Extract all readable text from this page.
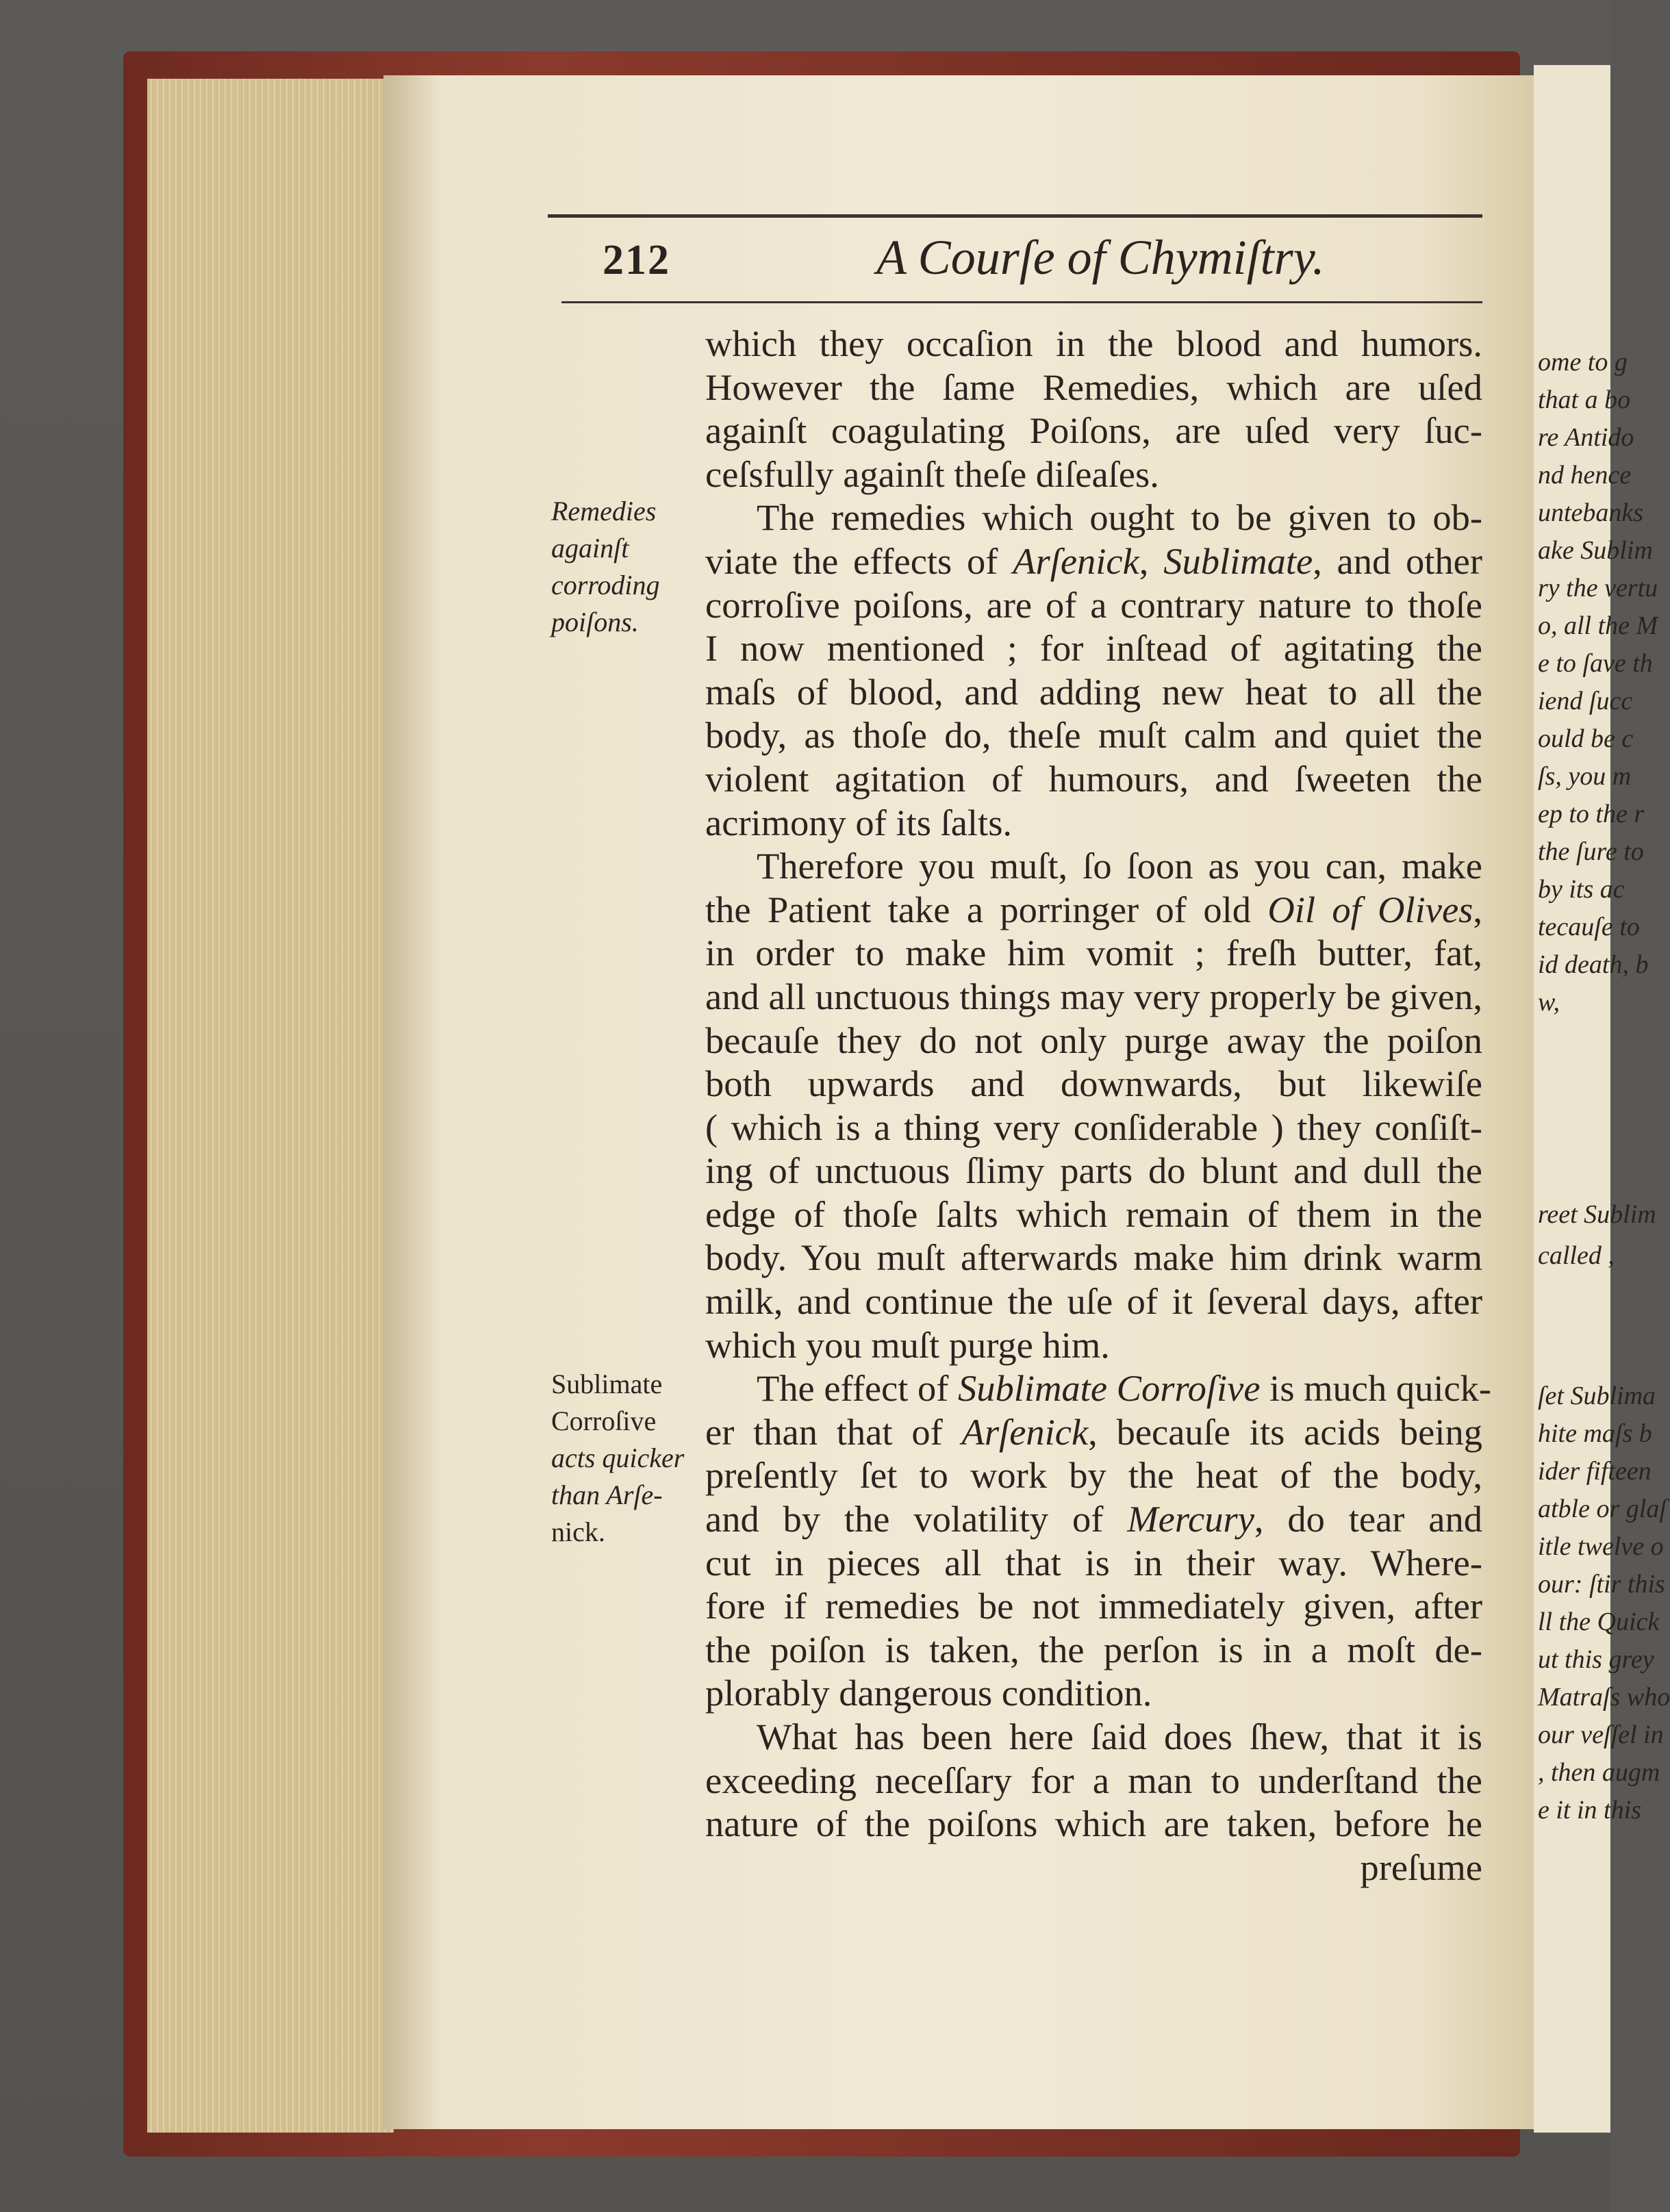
ome to g
that a bo
re Antido
nd hence
untebanks
ake Sublim
ry the vertu
o, all the M
e to ſave th
iend ſucc
ould be c
ſs, you m
ep to the r
the ſure to
by its ac
tecauſe to
id death, b
w,
reet Sublim
called ,
ſet Sublima
hite maſs b
ider fifteen
atble or glaſ
itle twelve o
our: ſtir this
ll the Quick
ut this grey
Matraſs who
our veſſel in
, then augm
e it in this
212	A Courſe of Chymiſtry.
Remedies
againſt
corroding
poiſons.
Sublimate
Corroſive
acts quicker
than Arſe-
nick.
which they occaſion in the blood and humors.
However the ſame Remedies, which are uſed
againſt coagulating Poiſons, are uſed very ſuc-
ceſsfully againſt theſe diſeaſes.
The remedies which ought to be given to ob-
viate the effects of Arſenick, Sublimate, and other
corroſive poiſons, are of a contrary nature to thoſe
I now mentioned ; for inſtead of agitating the
maſs of blood, and adding new heat to all the
body, as thoſe do, theſe muſt calm and quiet the
violent agitation of humours, and ſweeten the
acrimony of its ſalts.
Therefore you muſt, ſo ſoon as you can, make
the Patient take a porringer of old Oil of Olives,
in order to make him vomit ; freſh butter, fat,
and all unctuous things may very properly be given,
becauſe they do not only purge away the poiſon
both upwards and downwards, but likewiſe
( which is a thing very conſiderable ) they conſiſt-
ing of unctuous ſlimy parts do blunt and dull the
edge of thoſe ſalts which remain of them in the
body. You muſt afterwards make him drink warm
milk, and continue the uſe of it ſeveral days, after
which you muſt purge him.
The effect of Sublimate Corroſive is much quick-
er than that of Arſenick, becauſe its acids being
preſently ſet to work by the heat of the body,
and by the volatility of Mercury, do tear and
cut in pieces all that is in their way. Where-
fore if remedies be not immediately given, after
the poiſon is taken, the perſon is in a moſt de-
plorably dangerous condition.
What has been here ſaid does ſhew, that it is
exceeding neceſſary for a man to underſtand the
nature of the poiſons which are taken, before he
preſume
